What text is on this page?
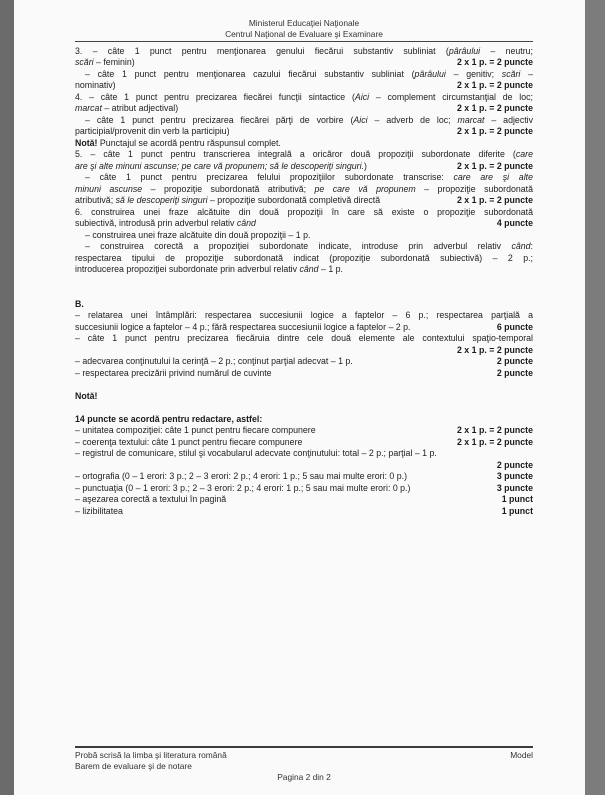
Ministerul Educaţiei Naţionale
Centrul Naţional de Evaluare şi Examinare
3. – câte 1 punct pentru menţionarea genului fiecărui substantiv subliniat (pârâului – neutru;
scări – feminin)	2 x 1 p. = 2 puncte
– câte 1 punct pentru menţionarea cazului fiecărui substantiv subliniat (pârâului – genitiv; scări –
nominativ)	2 x 1 p. = 2 puncte
4. – câte 1 punct pentru precizarea fiecărei funcţii sintactice (Aici – complement circumstanţial de loc;
marcat – atribut adjectival)	2 x 1 p. = 2 puncte
– câte 1 punct pentru precizarea fiecărei părţi de vorbire (Aici – adverb de loc; marcat – adjectiv
participial/provenit din verb la participiu)	2 x 1 p. = 2 puncte
Notă! Punctajul se acordă pentru răspunsul complet.
5. – câte 1 punct pentru transcrierea integrală a oricăror două propoziţii subordonate diferite (care
are şi alte minuni ascunse; pe care vă propunem; să le descoperiţi singuri.)	2 x 1 p. = 2 puncte
– câte 1 punct pentru precizarea felului propoziţiilor subordonate transcrise: care are şi alte
minuni ascunse – propoziţie subordonată atributivă; pe care vă propunem – propoziţie subordonată
atributivă; să le descoperiţi singuri – propoziţie subordonată completivă directă	2 x 1 p. = 2 puncte
6. construirea unei fraze alcătuite din două propoziţii în care să existe o propoziţie subordonată
subiectivă, introdusă prin adverbul relativ când	4 puncte
– construirea unei fraze alcătuite din două propoziţii – 1 p.
– construirea corectă a propoziţiei subordonate indicate, introduse prin adverbul relativ când:
respectarea tipului de propoziţie subordonată indicat (propoziţie subordonată subiectivă) – 2 p.;
introducerea propoziţiei subordonate prin adverbul relativ când – 1 p.
B.
– relatarea unei întâmplări: respectarea succesiunii logice a faptelor – 6 p.; respectarea parţială a
succesiunii logice a faptelor – 4 p.; fără respectarea succesiunii logice a faptelor – 2 p.	6 puncte
– câte 1 punct pentru precizarea fiecăruia dintre cele două elemente ale contextului spaţio-temporal
2 x 1 p. = 2 puncte
– adecvarea conţinutului la cerinţă – 2 p.; conţinut parţial adecvat – 1 p.	2 puncte
– respectarea precizării privind numărul de cuvinte	2 puncte
Notă!
14 puncte se acordă pentru redactare, astfel:
– unitatea compoziţiei: câte 1 punct pentru fiecare compunere	2 x 1 p. = 2 puncte
– coerenţa textului: câte 1 punct pentru fiecare compunere	2 x 1 p. = 2 puncte
– registrul de comunicare, stilul şi vocabularul adecvate conţinutului: total – 2 p.; parţial – 1 p.
2 puncte
– ortografia (0 – 1 erori: 3 p.; 2 – 3 erori: 2 p.; 4 erori: 1 p.; 5 sau mai multe erori: 0 p.)	3 puncte
– punctuaţia (0 – 1 erori: 3 p.; 2 – 3 erori: 2 p.; 4 erori: 1 p.; 5 sau mai multe erori: 0 p.)	3 puncte
– aşezarea corectă a textului în pagină	1 punct
– lizibilitatea	1 punct
Probă scrisă la limba şi literatura română	Model
Barem de evaluare şi de notare
Pagina 2 din 2
